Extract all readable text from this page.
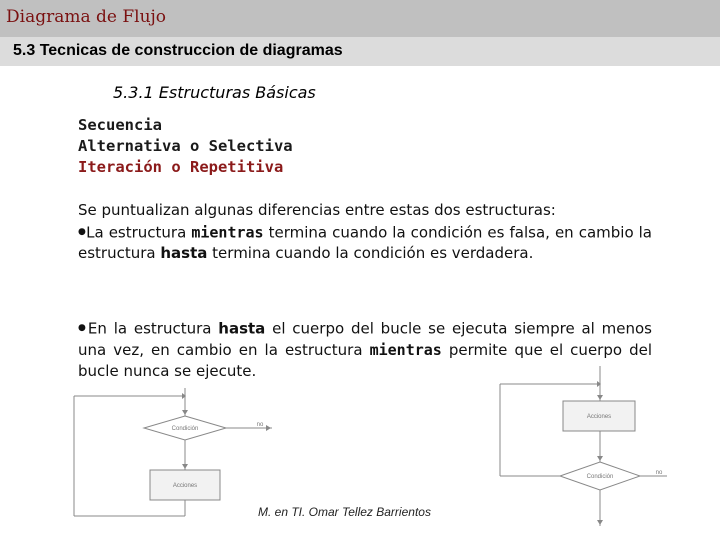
Diagrama de Flujo
5.3 Tecnicas de construccion de diagramas
5.3.1 Estructuras Básicas
Secuencia
Alternativa o Selectiva
Iteración o Repetitiva
Se puntualizan algunas diferencias entre estas dos estructuras:
●La estructura mientras termina cuando la condición es falsa, en cambio la estructura hasta termina cuando la condición es verdadera.
●En la estructura hasta el cuerpo del bucle se ejecuta siempre al menos una vez, en cambio en la estructura mientras permite que el cuerpo del bucle nunca se ejecute.
Condición
no
Acciones
Acciones
Condición
no
M. en TI. Omar Tellez Barrientos
